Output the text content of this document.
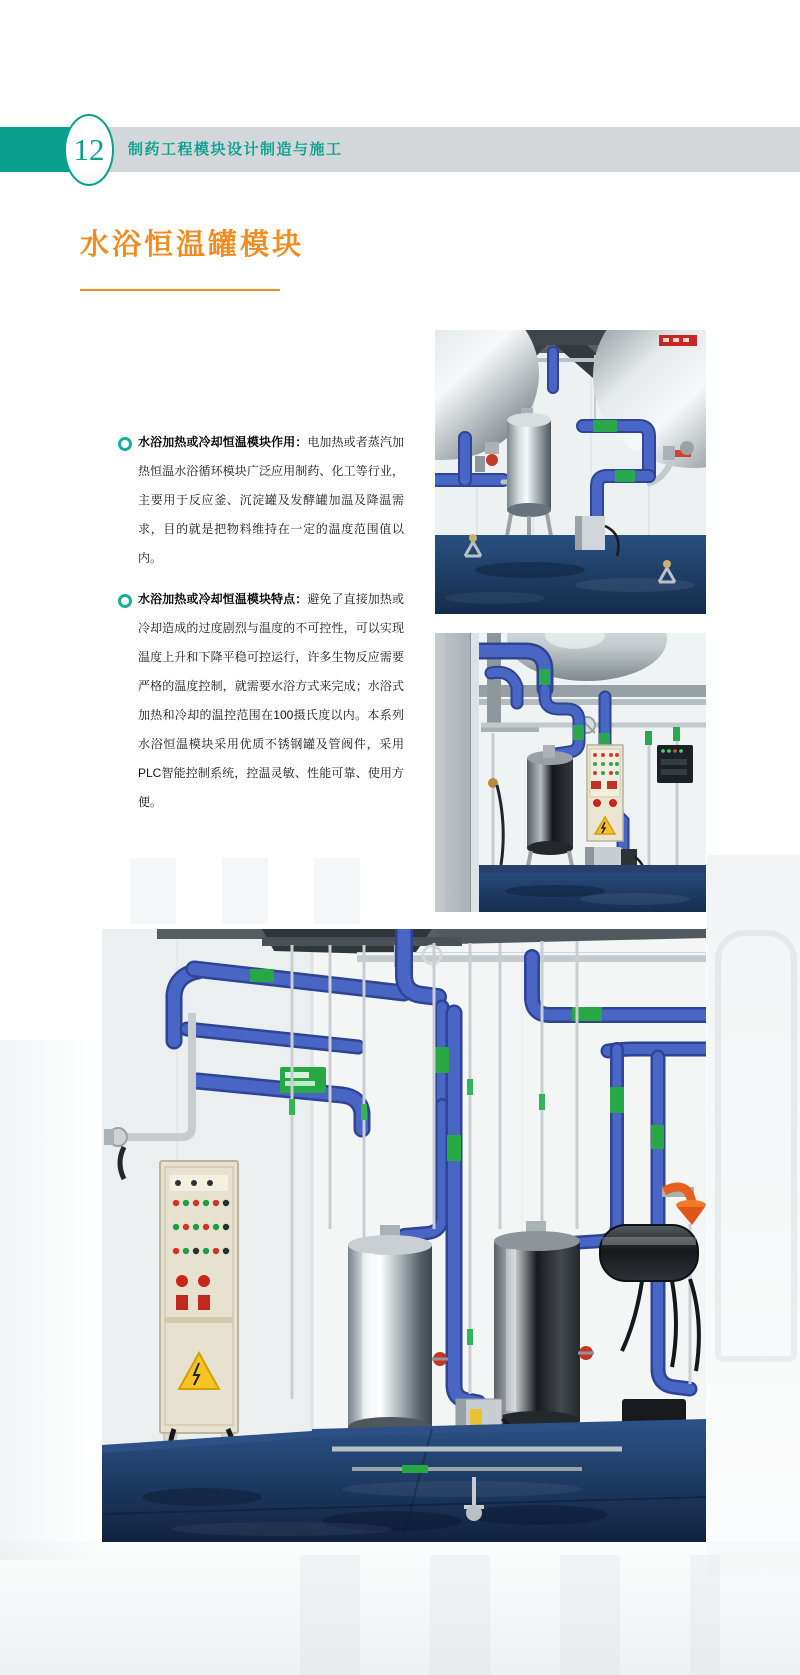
12 制药工程模块设计制造与施工
水浴恒温罐模块
水浴加热或冷却恒温模块作用：电加热或者蒸汽加热恒温水浴循环模块广泛应用制药、化工等行业，主要用于反应釜、沉淀罐及发酵罐加温及降温需求，目的就是把物料维持在一定的温度范围值以内。
水浴加热或冷却恒温模块特点：避免了直接加热或冷却造成的过度剧烈与温度的不可控性，可以实现温度上升和下降平稳可控运行，许多生物反应需要严格的温度控制，就需要水浴方式来完成；水浴式加热和冷却的温控范围在100摄氏度以内。本系列水浴恒温模块采用优质不锈钢罐及管阀件，采用PLC智能控制系统，控温灵敏、性能可靠、使用方便。
